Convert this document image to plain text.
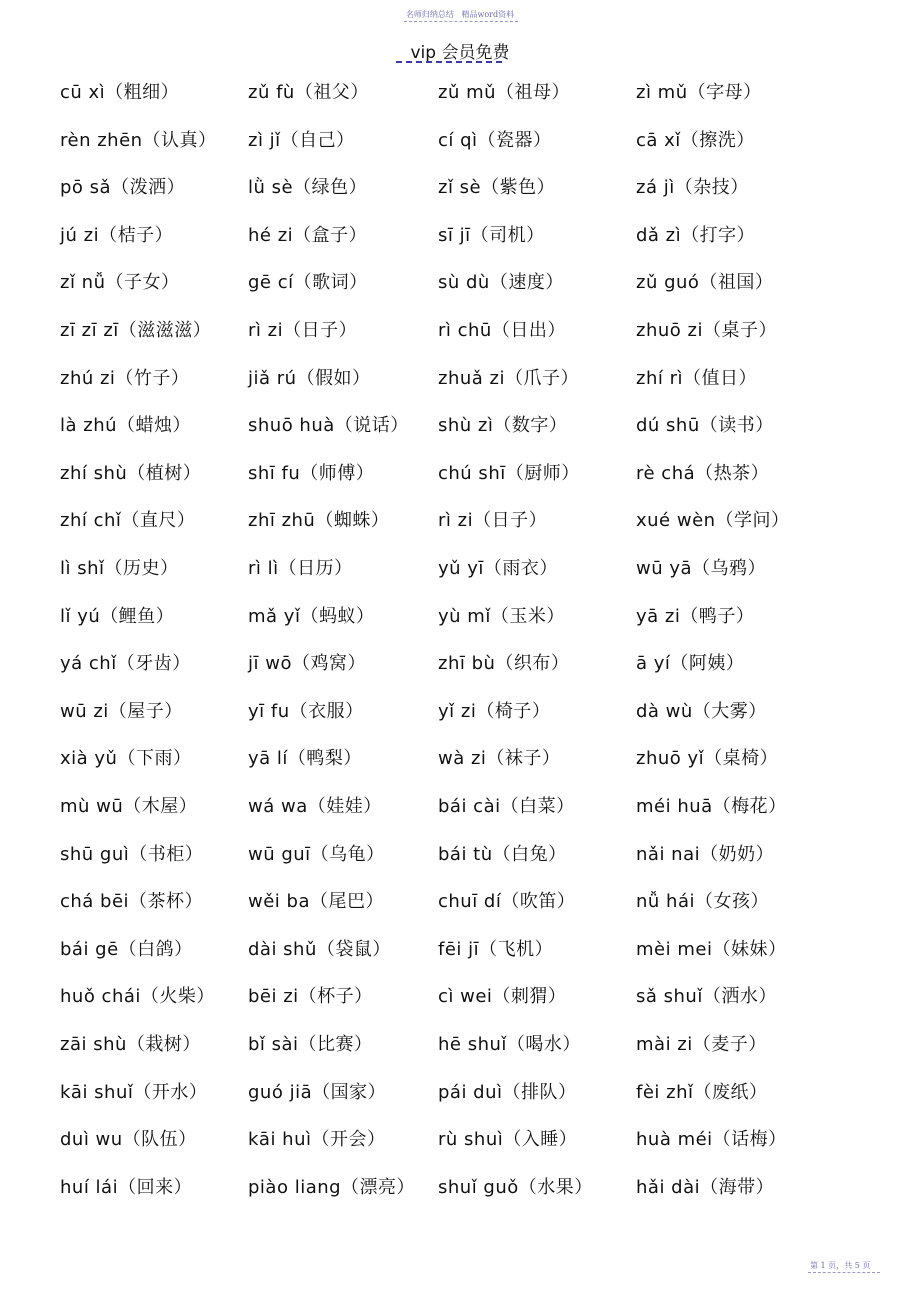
名师归纳总结   精品word资料
vip 会员免费
cū xì（粗细）	zǔ fù（祖父）	zǔ mǔ（祖母）	zì mǔ（字母）
rèn zhēn（认真） zì jǐ（自己）	cí qì（瓷器）	cā xǐ（擦洗）
pō sǎ（泼洒）	lǜ sè（绿色）	zǐ sè（紫色）	zá jì（杂技）
jú zi（桔子）	hé zi（盒子）	sī jī（司机）	dǎ zì（打字）
zǐ nǚ（子女）	gē cí（歌词）	sù dù（速度）	zǔ guó（祖国）
zī zī zī（滋滋滋） rì zi（日子）	rì chū（日出）	zhuō zi（桌子）
zhú zi（竹子）	jiǎ rú（假如）	zhuǎ zi（爪子）	zhí rì（值日）
là zhú（蜡烛）	shuō huà（说话） shù zì（数字）	dú shū（读书）
zhí shù（植树）	shī fu（师傅）	chú shī（厨师）	rè chá（热茶）
zhí chǐ（直尺）	zhī zhū（蜘蛛）	rì zi（日子）	xué wèn（学问）
lì shǐ（历史）	rì lì（日历）	yǔ yī（雨衣）	wū yā（乌鸦）
lǐ yú（鲤鱼）	mǎ yǐ（蚂蚁）	yù mǐ（玉米）	yā zi（鸭子）
yá chǐ（牙齿）	jī wō（鸡窝）	zhī bù（织布）	ā yí（阿姨）
wū zi（屋子）	yī fu（衣服）	yǐ zi（椅子）	dà wù（大雾）
xià yǔ（下雨）	yā lí（鸭梨）	wà zi（袜子）	zhuō yǐ（桌椅）
mù wū（木屋）	wá wa（娃娃）	bái cài（白菜）	méi huā（梅花）
shū guì（书柜） wū guī（乌龟）	bái tù（白兔）	nǎi nai（奶奶）
chá bēi（茶杯） wěi ba（尾巴）	chuī dí（吹笛）	nǚ hái（女孩）
bái gē（白鸽）	dài shǔ（袋鼠）	fēi jī（飞机）	mèi mei（妹妹）
huǒ chái（火柴） bēi zi（杯子）	cì wei（刺猬）	sǎ shuǐ（洒水）
zāi shù（栽树）	bǐ sài（比赛）	hē shuǐ（喝水）	mài zi（麦子）
kāi shuǐ（开水） guó jiā（国家）	pái duì（排队）	fèi zhǐ（废纸）
duì wu（队伍）	kāi huì（开会）	rù shuì（入睡）	huà méi（话梅）
huí lái（回来）	piào liang（漂亮） shuǐ guǒ（水果） hǎi dài（海带）
第 1 页，共 5 页
